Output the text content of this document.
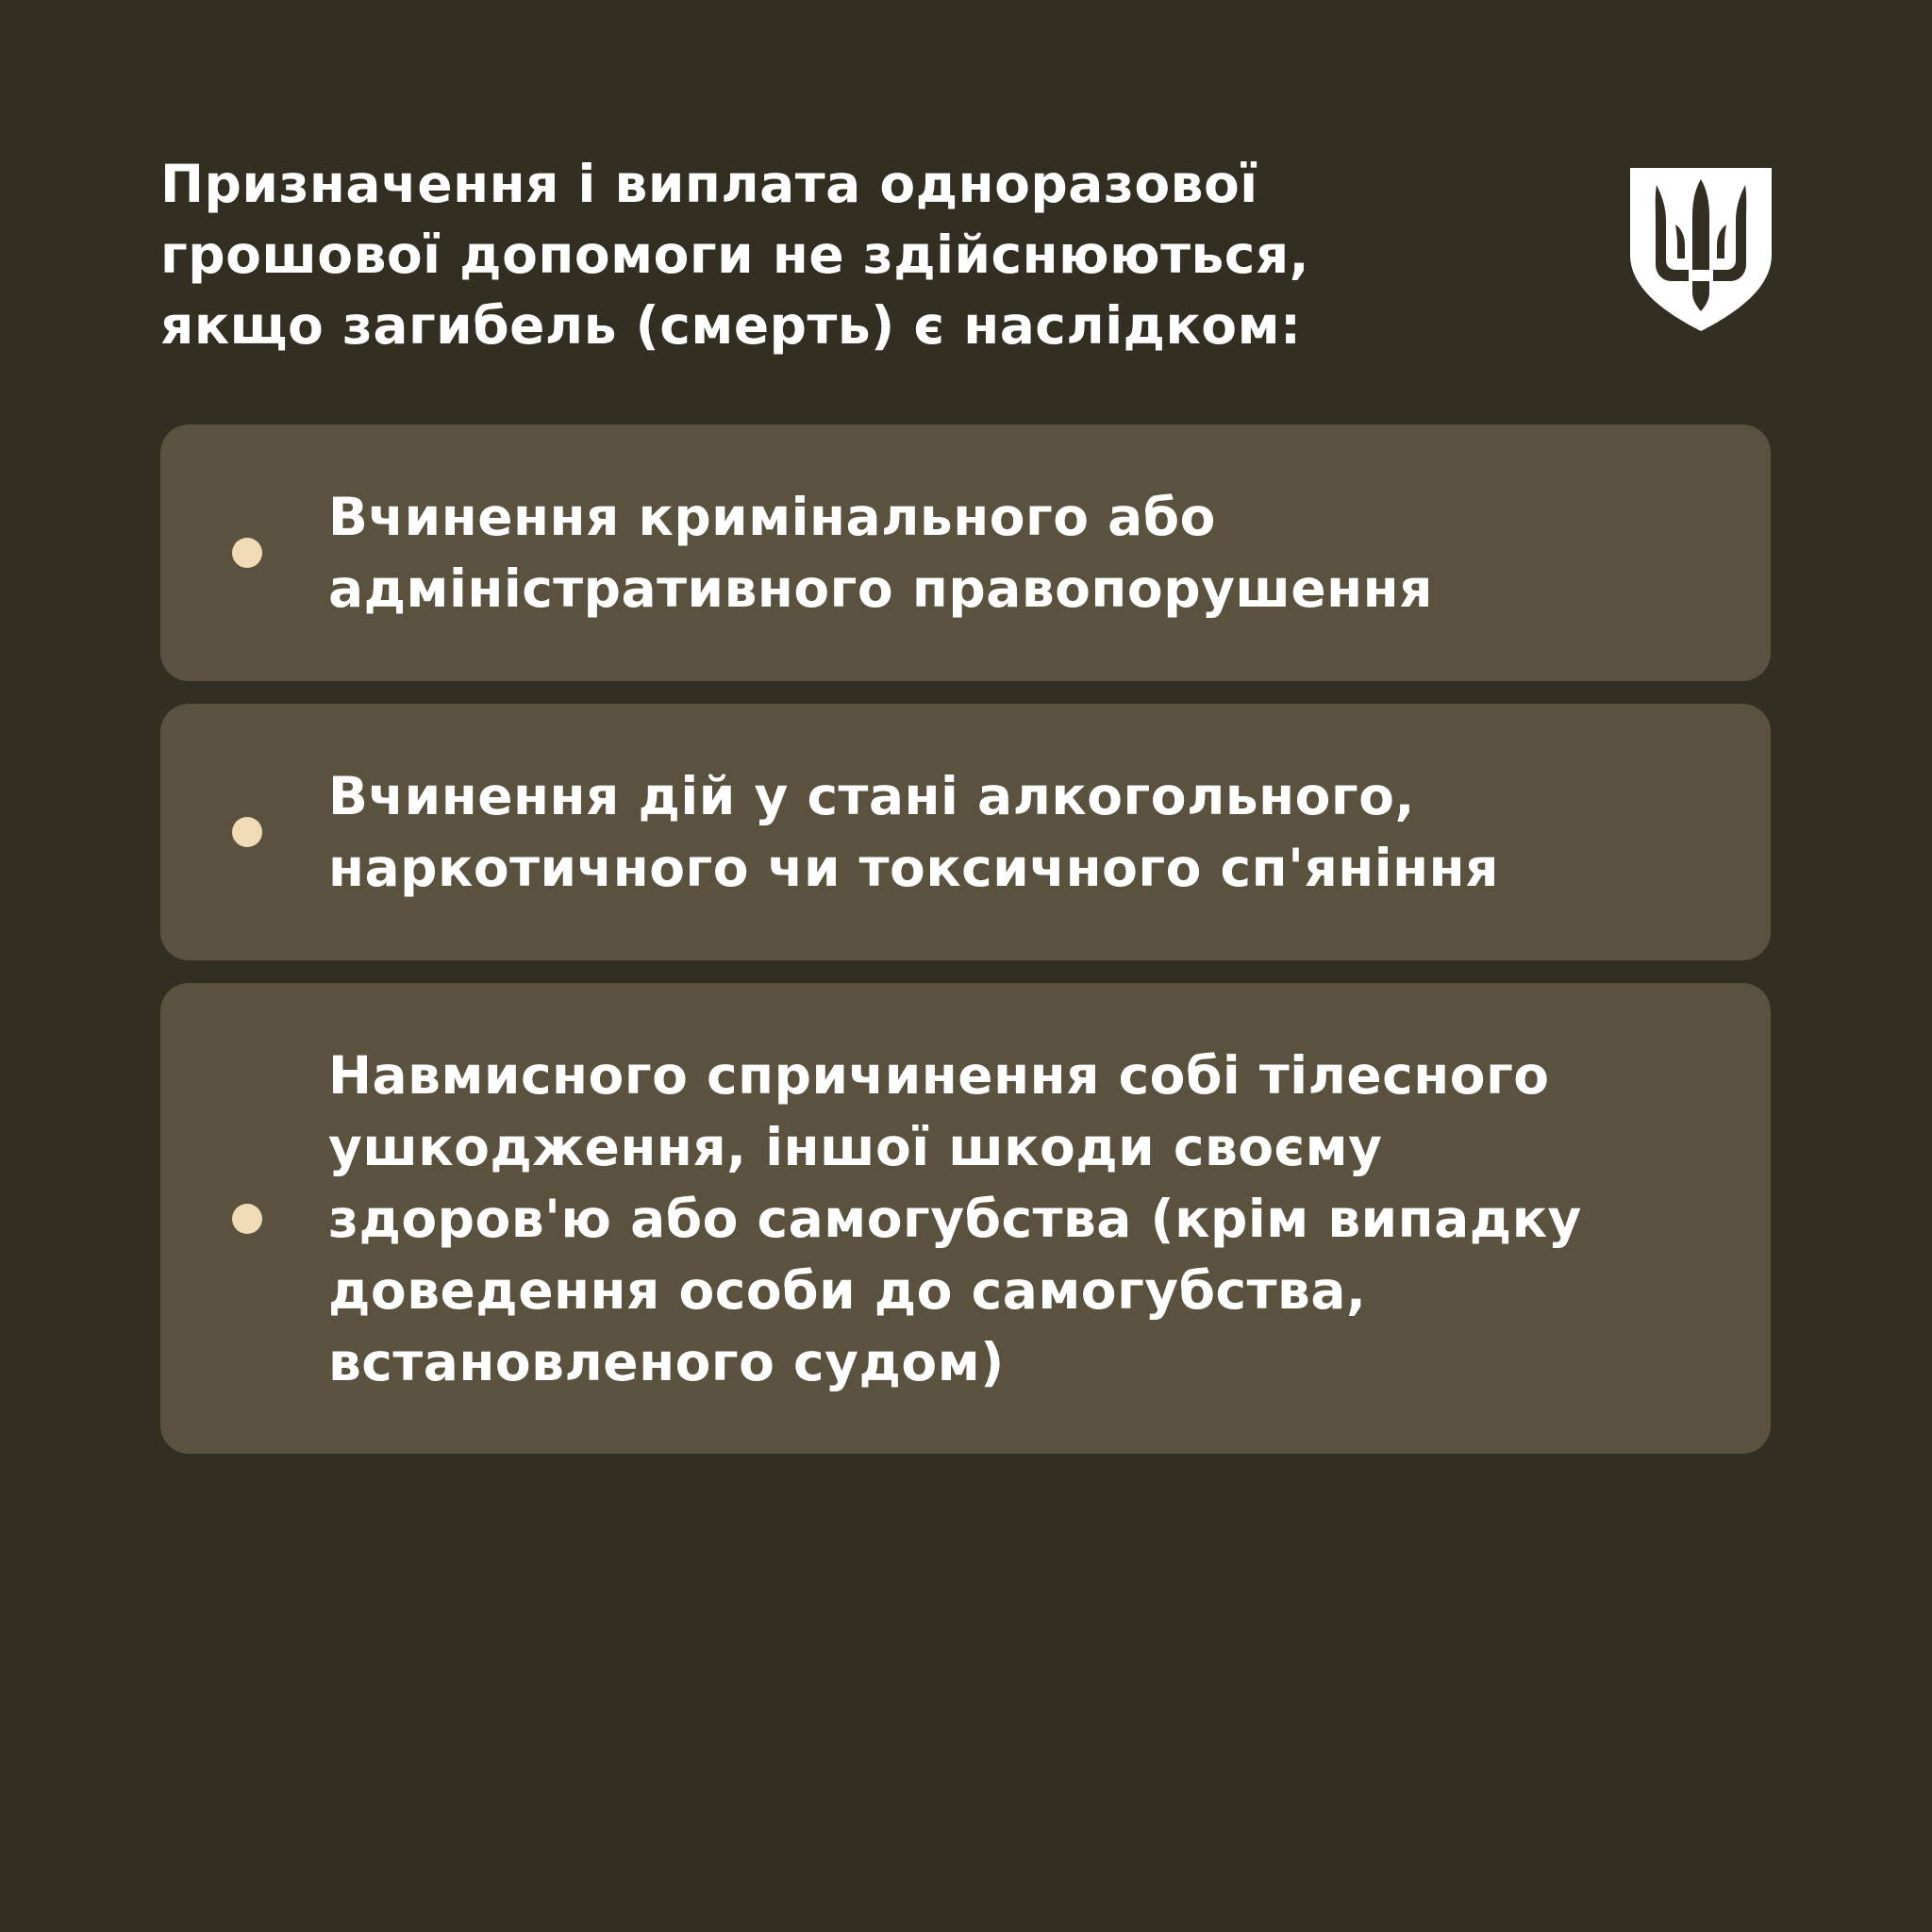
Призначення і виплата одноразової
грошової допомоги не здійснюються,
якщо загибель (смерть) є наслідком:
Вчинення кримінального або
адміністративного правопорушення
Вчинення дій у стані алкогольного,
наркотичного чи токсичного сп'яніння
Навмисного спричинення собі тілесного
ушкодження, іншої шкоди своєму
здоров'ю або самогубства (крім випадку
доведення особи до самогубства,
встановленого судом)
